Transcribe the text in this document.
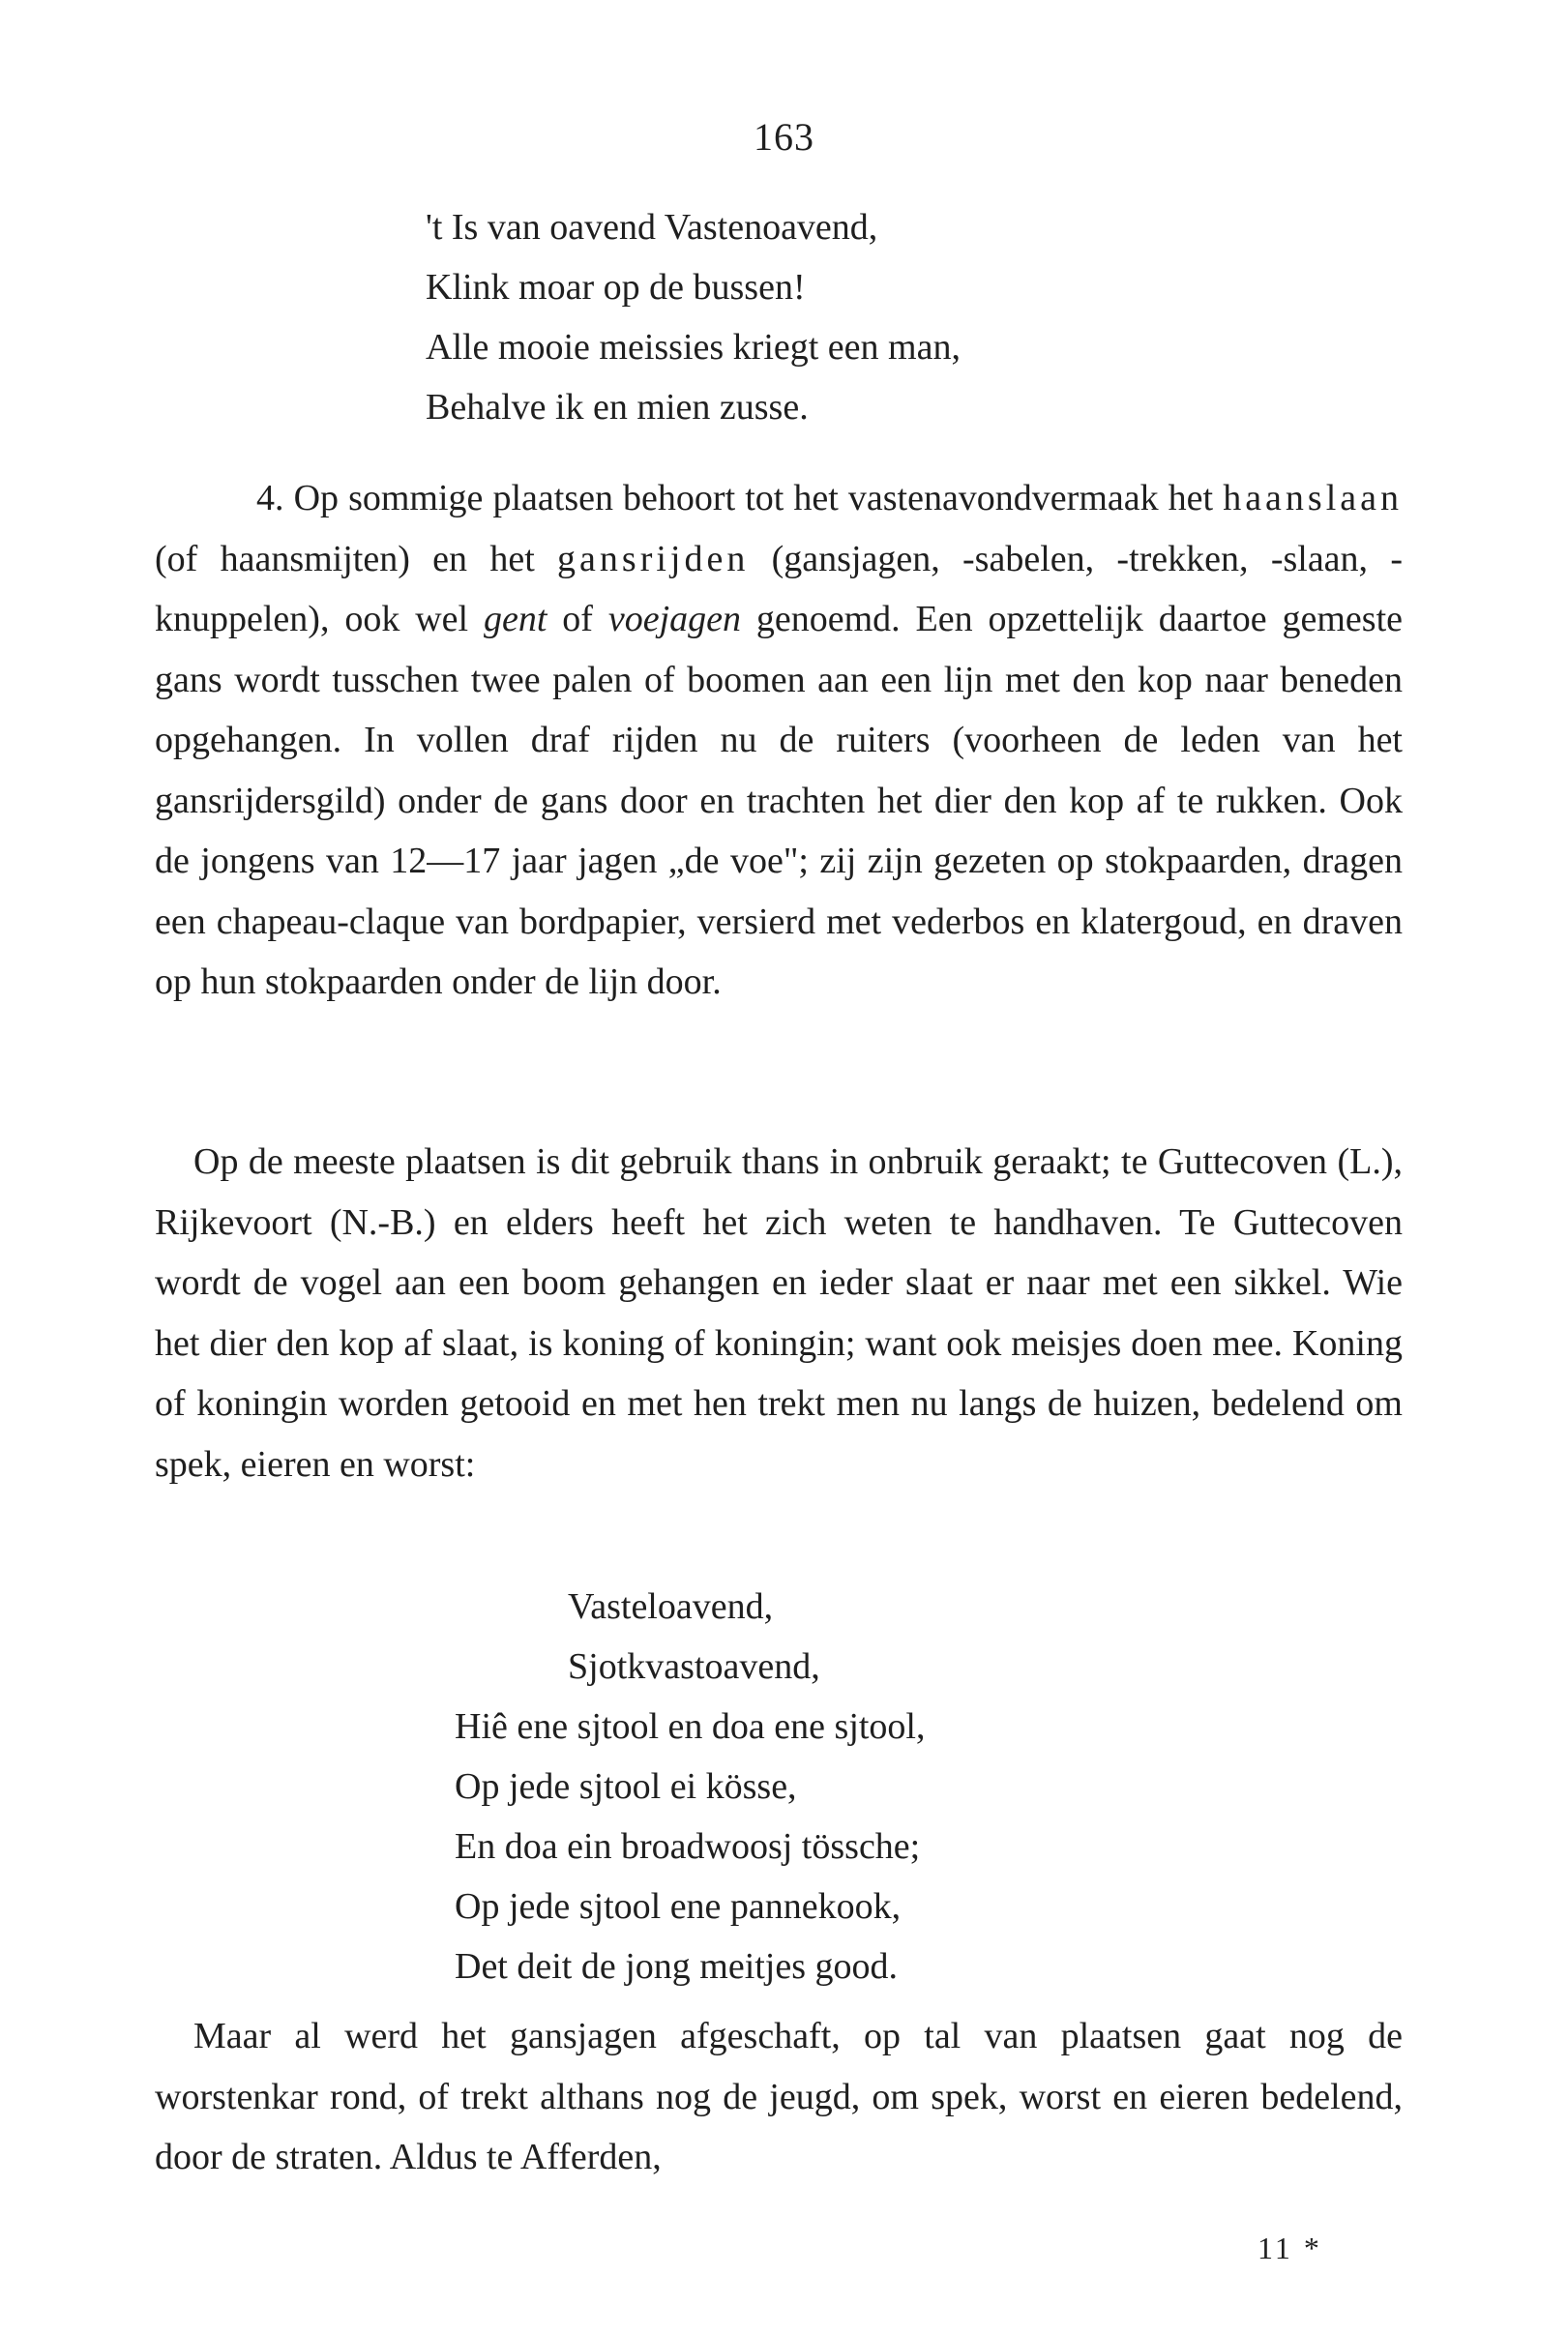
163
't Is van oavend Vastenoavend,
Klink moar op de bussen!
Alle mooie meissies kriegt een man,
Behalve ik en mien zusse.
4. Op sommige plaatsen behoort tot het vastenavondvermaak het haanslaan (of haansmijten) en het gansrijden (gansjagen, -sabelen, -trekken, -slaan, -knuppelen), ook wel gent of voejagen genoemd. Een opzettelijk daartoe gemeste gans wordt tusschen twee palen of boomen aan een lijn met den kop naar beneden opgehangen. In vollen draf rijden nu de ruiters (voorheen de leden van het gansrijdersgild) onder de gans door en trachten het dier den kop af te rukken. Ook de jongens van 12—17 jaar jagen „de voe"; zij zijn gezeten op stokpaarden, dragen een chapeau-claque van bordpapier, versierd met vederbos en klatergoud, en draven op hun stokpaarden onder de lijn door.
Op de meeste plaatsen is dit gebruik thans in onbruik geraakt; te Guttecoven (L.), Rijkevoort (N.-B.) en elders heeft het zich weten te handhaven. Te Guttecoven wordt de vogel aan een boom gehangen en ieder slaat er naar met een sikkel. Wie het dier den kop af slaat, is koning of koningin; want ook meisjes doen mee. Koning of koningin worden getooid en met hen trekt men nu langs de huizen, bedelend om spek, eieren en worst:
Vasteloavend,
Sjotkvastoavend,
Hiê ene sjtool en doa ene sjtool,
Op jede sjtool ei kösse,
En doa ein broadwoosj tössche;
Op jede sjtool ene pannekook,
Det deit de jong meitjes good.
Maar al werd het gansjagen afgeschaft, op tal van plaatsen gaat nog de worstenkar rond, of trekt althans nog de jeugd, om spek, worst en eieren bedelend, door de straten. Aldus te Afferden,
11 *
